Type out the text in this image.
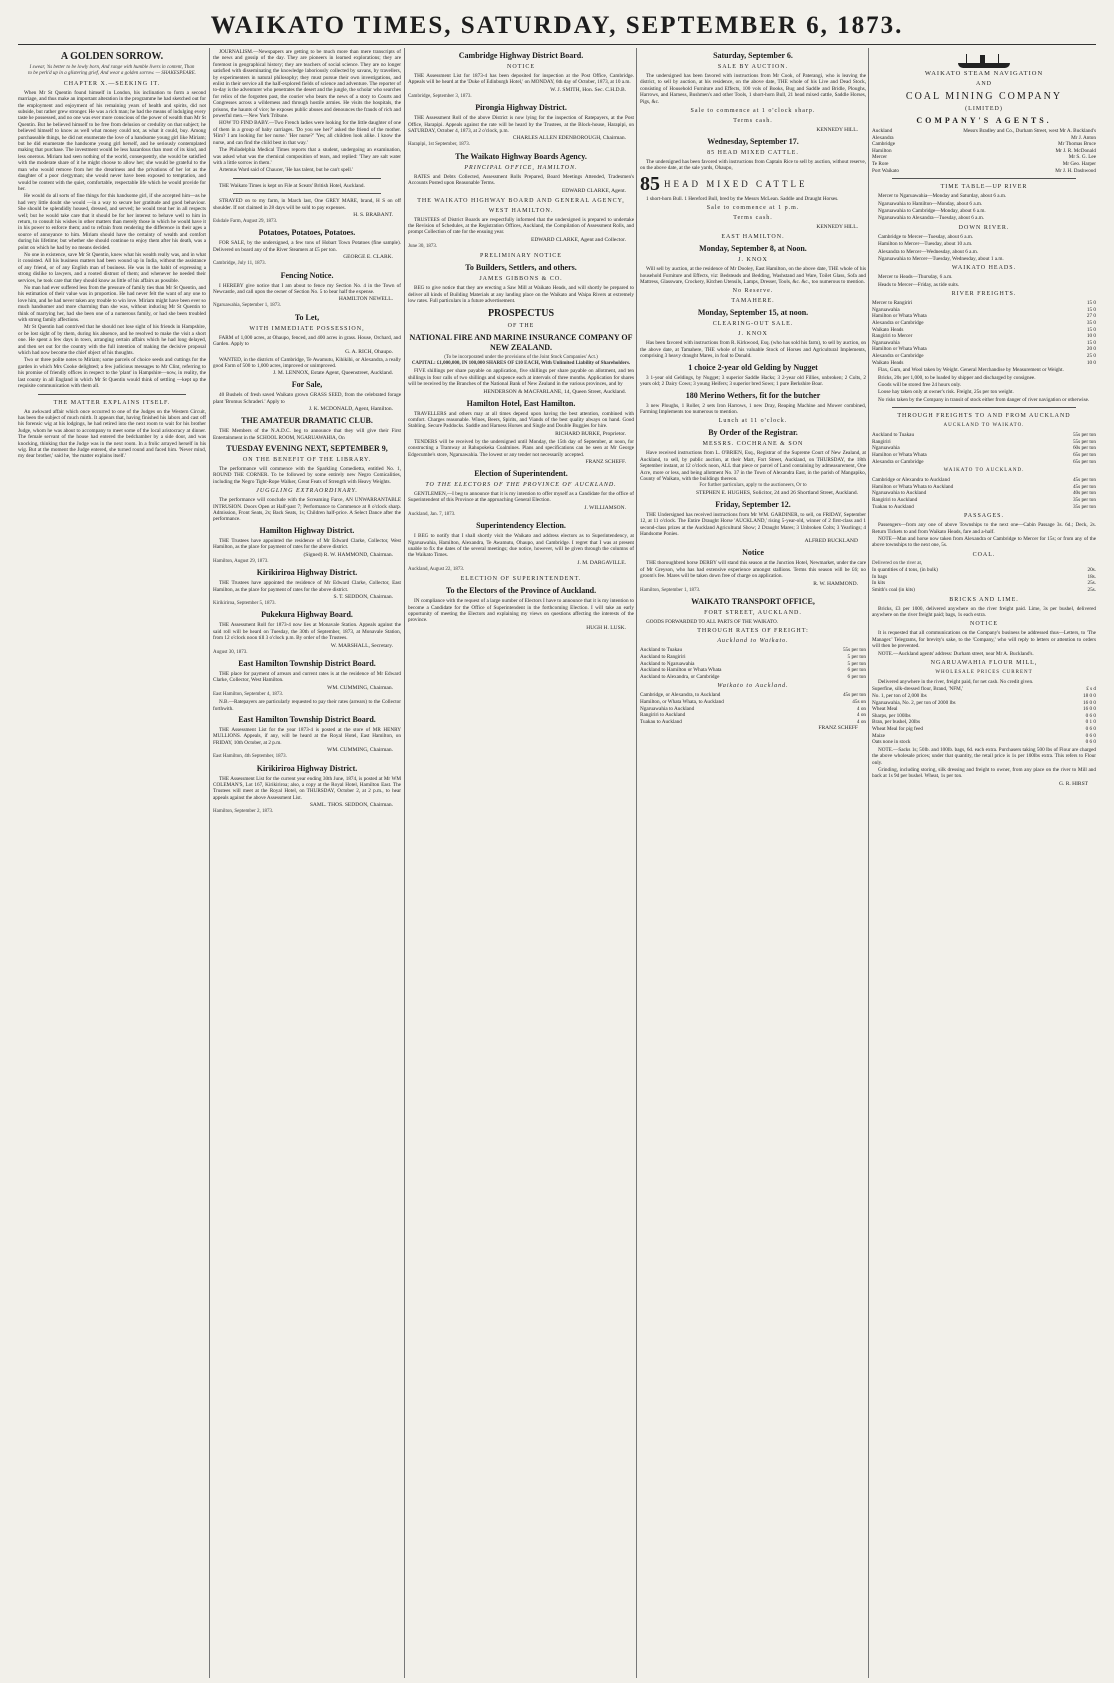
WAIKATO TIMES, SATURDAY, SEPTEMBER 6, 1873.
A GOLDEN SORROW.
I swear, 'tis better to be lowly born, And range with humble livers in content, Than to be perk'd up in a glistering grief, And wear a golden sorrow. — SHAKESPEARE.
CHAPTER X.—SEEKING IT.
When Mr St Quentin found himself in London, his inclination to form a second marriage, and thus make an important alteration in the programme he had sketched out for the employment and enjoyment of his remaining years of health and spirits, did not subside, but rather grew stronger. He was a rich man; he had the means of indulging every taste he possessed, and no one was ever more conscious of the power of wealth than Mr St Quentin. But he believed himself to be free from delusion or credulity on that subject; he believed himself to know as well what money could not, as what it could, buy. Among purchaseable things, he did not enumerate the love of a handsome young girl like Miriam; but he did enumerate the handsome young girl herself, and he seriously contemplated making that purchase. The investment would be less hazardous than most of its kind, and less onerous. Miriam had seen nothing of the world, consequently, she would be satisfied with the moderate share of it he might choose to allow her; she would be grateful to the man who would remove from her the dreariness and the privations of her lot as the daughter of a poor clergyman; she would never have been exposed to temptation, and would be content with the quiet, comfortable, respectable life which he would provide for her.
He would do all sorts of fine things for this handsome girl, if she accepted him—as he had very little doubt she would —in a way to secure her gratitude and good behaviour. She should be splendidly housed, dressed, and served; he would treat her in all respects well; but he would take care that it should be for her interest to behave well to him in return, to consult his wishes in other matters than merely those in which he would have it in his power to enforce them; and to refrain from rendering the difference in their ages a source of annoyance to him. Miriam should have the certainty of wealth and comfort during his lifetime; but whether she should continue to enjoy them after his death, was a point on which he had by no means decided.
No one in existence, save Mr St Quentin, knew what his wealth really was, and in what it consisted. All his business matters had been wound up in India, without the assistance of any friend, or of any English man of business. He was in the habit of expressing a strong dislike to lawyers, and a rooted distrust of them; and whenever he needed their services, he took care that they should know as little of his affairs as possible.
No man had ever suffered less from the pressure of family ties than Mr St Quentin, and his estimation of their value was in proportion. He had never felt the want of any one to love him, and he had never taken any trouble to win love. Miriam might have been ever so much handsomer and more charming than she was, without inducing Mr St Quentin to think of marrying her, had she been one of a numerous family, or had she been troubled with strong family affections.
Mr St Quentin had contrived that he should not lose sight of his friends in Hampshire, or be lost sight of by them, during his absence, and he resolved to make the visit a short one. He spent a few days in town, arranging certain affairs which he had long delayed, and then set out for the country with the full intention of making the decisive proposal which had now become the chief object of his thoughts.
Two or three polite notes to Miriam; some parcels of choice seeds and cuttings for the garden in which Mrs Cooke delighted; a few judicious messages to Mr Clint, referring to his promise of friendly offices in respect to the 'plant' in Hampshire—now, in reality, the last county in all England in which Mr St Quentin would think of settling —kept up the requisite communication with them all.
THE MATTER EXPLAINS ITSELF.
An awkward affair which once occurred to one of the Judges on the Western Circuit, has been the subject of much mirth. It appears that, having finished his labors and cast off his forensic wig at his lodgings, he had retired into the next room to wait for his brother Judge, whom he was about to accompany to meet some of the local aristocracy at dinner. The female servant of the house had entered the bedchamber by a side door, and was knocking, thinking that the Judge was in the next room. In a frolic arrayed herself in his wig. But at the moment the Judge entered, she turned round and faced him. 'Never mind, my dear brother,' said he, 'the matter explains itself.'
JOURNALISM.—Newspapers are getting to be much more than mere transcripts of the news and gossip of the day. They are pioneers in learned explorations; they are foremost in geographical history; they are teachers of social science. They are no longer satisfied with disseminating the knowledge laboriously collected by savans, by travellers, by experimenters in natural philosophy; they must pursue their own investigations, and enlist in their service all the half-explored fields of science and adventure. The reporter of to-day is the adventurer who penetrates the desert and the jungle, the scholar who searches for relics of the forgotten past, the courier who bears the news of a story to Courts and Congresses across a wilderness and through hostile armies. He visits the hospitals, the prisons, the haunts of vice; he exposes public abuses and denounces the frauds of rich and powerful men.—New York Tribune.
HOW TO FIND BABY.—Two French ladies were looking for the little daughter of one of them in a group of baby carriages. 'Do you see her?' asked the friend of the mother. 'Him? I am looking for her nurse.' 'Her nurse?' 'Yes; all children look alike. I know the nurse, and can find the child best in that way.'
The Philadelphia Medical Times reports that a student, undergoing an examination, was asked what was the chemical composition of tears, and replied: 'They are salt water with a little sorrow in them.'
Artemus Ward said of Chaucer, 'He has talent, but he can't spell.'
THE Waikato Times is kept on File at Sceats' British Hotel, Auckland.
STRAYED on to my farm, in March last, One GREY MARE, brand, H S on off shoulder. If not claimed in 28 days will be sold to pay expenses.
H. S. BRABANT.
Eskdale Farm, August 29, 1873.
Potatoes, Potatoes, Potatoes.
FOR SALE, by the undersigned, a few tons of Hobart Town Potatoes (fine sample). Delivered on board any of the River Steamers at £5 per ton.
GEORGE E. CLARK.
Cambridge, July 11, 1873.
Fencing Notice.
I HEREBY give notice that I am about to fence my Section No. 4 in the Town of Newcastle, and call upon the owner of Section No. 5 to bear half the expense.
HAMILTON NEWELL.
Ngaruawahia, September 1, 1873.
To Let,
WITH IMMEDIATE POSSESSION,
FARM of 1,000 acres, at Ohaupo, fenced, and 400 acres in grass. House, Orchard, and Garden. Apply to
G. A. RICH, Ohaupo.
WANTED, in the districts of Cambridge, Te Awamutu, Kihikihi, or Alexandra, a really good Farm of 500 to 1,000 acres, improved or unimproved.
J. M. LENNOX, Estate Agent, Queenstreet, Auckland.
For Sale,
40 Bushels of fresh saved Waikato grown GRASS SEED, from the celebrated forage plant 'Bromus Schraderi.' Apply to
J. K. MCDONALD, Agent, Hamilton.
THE AMATEUR DRAMATIC CLUB.
THE Members of the N.A.D.C. beg to announce that they will give their First Entertainment in the SCHOOL ROOM, NGARUAWAHIA, On
TUESDAY EVENING NEXT, SEPTEMBER 9,
ON THE BENEFIT OF THE LIBRARY.
The performance will commence with the Sparkling Comedietta, entitled No. 1, ROUND THE CORNER. To be followed by some entirely new Negro Comicalities, including the Negro Tight-Rope Walker, Great Feats of Strength with Heavy Weights.
JUGGLING EXTRAORDINARY.
The performance will conclude with the Screaming Farce, AN UNWARRANTABLE INTRUSION. Doors Open at Half-past 7; Performance to Commence at 8 o'clock sharp. Admission, Front Seats, 2s; Back Seats, 1s; Children half-price. A Select Dance after the performance.
Hamilton Highway District.
THE Trustees have appointed the residence of Mr Edward Clarke, Collector, West Hamilton, as the place for payment of rates for the above district.
(Signed) R. W. HAMMOND, Chairman.
Hamilton, August 29, 1873.
Kirikiriroa Highway District.
THE Trustees have appointed the residence of Mr Edward Clarke, Collector, East Hamilton, as the place for payment of rates for the above district.
S. T. SEDDON, Chairman.
Kirikiriroa, September 5, 1873.
Pukekura Highway Board.
THE Assessment Roll for 1873-4 now lies at Monavale Station. Appeals against the said roll will be heard on Tuesday, the 30th of September, 1873, at Monavale Station, from 12 o'clock noon till 3 o'clock p.m. By order of the Trustees.
W. MARSHALL, Secretary.
August 30, 1873.
East Hamilton Township District Board.
THE place for payment of arrears and current rates is at the residence of Mr Edward Clarke, Collector, West Hamilton.
WM. CUMMING, Chairman.
East Hamilton, September 4, 1873.
N.B.—Ratepayers are particularly requested to pay their rates (arrears) to the Collector forthwith.
East Hamilton Township District Board.
THE Assessment List for the year 1873-4 is posted at the store of MR HENRY MULLIONS. Appeals, if any, will be heard at the Royal Hotel, East Hamilton, on FRIDAY, 10th October, at 2 p.m.
WM. CUMMING, Chairman.
East Hamilton, 4th September, 1873.
Kirikiriroa Highway District.
THE Assessment List for the current year ending 30th June, 1874, is posted at Mr WM COLEMAN'S, Lot 167, Kirikiriroa; also, a copy at the Royal Hotel, Hamilton East. The Trustees will meet at the Royal Hotel, on THURSDAY, October 2, at 2 p.m., to hear appeals against the above Assessment List.
SAML. THOS. SEDDON, Chairman.
Hamilton, September 2, 1873.
Cambridge Highway District Board.
NOTICE
THE Assessment List for 1873-4 has been deposited for inspection at the Post Office, Cambridge. Appeals will be heard at the 'Duke of Edinburgh Hotel,' on MONDAY, 6th day of October, 1873, at 10 a.m.
W. J. SMITH, Hon. Sec. C.H.D.B.
Cambridge, September 3, 1873.
Pirongia Highway District.
THE Assessment Roll of the above District is now lying for the inspection of Ratepayers, at the Post Office, Harapipi. Appeals against the rate will be heard by the Trustees, at the Block-house, Harapipi, on SATURDAY, October 4, 1873, at 2 o'clock, p.m.
CHARLES ALLEN EDENBOROUGH, Chairman.
Harapipi, 1st September, 1873.
The Waikato Highway Boards Agency.
PRINCIPAL OFFICE, HAMILTON.
RATES and Debts Collected, Assessment Rolls Prepared, Board Meetings Attended, Tradesmen's Accounts Posted upon Reasonable Terms.
EDWARD CLARKE, Agent.
THE WAIKATO HIGHWAY BOARD AND GENERAL AGENCY,
WEST HAMILTON.
TRUSTEES of District Boards are respectfully informed that the undersigned is prepared to undertake the Revision of Schedules, at the Registration Offices, Auckland, the Compilation of Assessment Rolls, and prompt Collection of rate for the ensuing year.
EDWARD CLARKE, Agent and Collector.
June 30, 1873.
PRELIMINARY NOTICE
To Builders, Settlers, and others.
JAMES GIBBONS & CO.
BEG to give notice that they are erecting a Saw Mill at Waikato Heads, and will shortly be prepared to deliver all kinds of Building Materials at any landing place on the Waikato and Waipa Rivers at extremely low rates. Full particulars in a future advertisement.
PROSPECTUS
OF THE
NATIONAL FIRE AND MARINE INSURANCE COMPANY OF NEW ZEALAND.
(To be incorporated under the provisions of the Joint Stock Companies' Act.)
CAPITAL: £1,000,000, IN 100,000 SHARES OF £10 EACH, With Unlimited Liability of Shareholders.
FIVE shillings per share payable on application, five shillings per share payable on allotment, and ten shillings in four calls of two shillings and sixpence each at intervals of three months. Application for shares will be received by the Branches of the National Bank of New Zealand in the various provinces, and by
HENDERSON & MACFARLANE, 14, Queen Street, Auckland.
Hamilton Hotel, East Hamilton.
TRAVELLERS and others may at all times depend upon having the best attention, combined with comfort. Charges reasonable. Wines, Beers, Spirits, and Viands of the best quality always on hand. Good Stabling. Secure Paddocks. Saddle and Harness Horses and Single and Double Buggies for hire.
RICHARD BURKE, Proprietor.
TENDERS will be received by the undersigned until Monday, the 15th day of September, at noon, for constructing a Tramway at Rahupokeka Coalmines. Plans and specifications can be seen at Mr George Edgecumbe's store, Ngaruawahia. The lowest or any tender not necessarily accepted.
FRANZ SCHEFF.
Election of Superintendent.
TO THE ELECTORS OF THE PROVINCE OF AUCKLAND.
GENTLEMEN,—I beg to announce that it is my intention to offer myself as a Candidate for the office of Superintendent of this Province at the approaching General Election.
J. WILLIAMSON.
Auckland, Jan. 7, 1873.
Superintendency Election.
I BEG to notify that I shall shortly visit the Waikato and address electors as to Superintendency, at Ngaruawahia, Hamilton, Alexandra, Te Awamutu, Ohaupo, and Cambridge. I regret that I was at present unable to fix the dates of the several meetings; due notice, however, will be given through the columns of the Waikato Times.
J. M. DARGAVILLE.
Auckland, August 22, 1873.
ELECTION OF SUPERINTENDENT.
To the Electors of the Province of Auckland.
IN compliance with the request of a large number of Electors I have to announce that it is my intention to become a Candidate for the Office of Superintendent in the forthcoming Election. I will take an early opportunity of meeting the Electors and explaining my views on questions affecting the interests of the province.
HUGH H. LUSK.
Saturday, September 6.
SALE BY AUCTION.
The undersigned has been favored with instructions from Mr Cook, of Paterangi, who is leaving the district, to sell by auction, at his residence, on the above date, THE whole of his Live and Dead Stock, consisting of Household Furniture and Effects, 100 vols of Books, Bug and Saddle and Bridle, Ploughs, Harrows, and Harness, Bushmen's and other Tools, 1 short-horn Bull, 21 head mixed cattle, Saddle Horses, Pigs, &c.
Sale to commence at 1 o'clock sharp.
Terms cash.
KENNEDY HILL.
Wednesday, September 17.
85 HEAD MIXED CATTLE.
The undersigned has been favored with instructions from Captain Rice to sell by auction, without reserve, on the above date, at the sale yards, Ohaupo,
85 HEAD MIXED CATTLE
1 short-horn Bull. 1 Hereford Bull, bred by the Messrs McLean. Saddle and Draught Horses.
Sale to commence at 1 p.m.
Terms cash.
KENNEDY HILL.
EAST HAMILTON.
Monday, September 8, at Noon.
J. KNOX
Will sell by auction, at the residence of Mr Dooley, East Hamilton, on the above date, THE whole of his household Furniture and Effects, viz: Bedsteads and Bedding, Washstand and Ware, Toilet Glass, Sofa and Mattress, Glassware, Crockery, Kitchen Utensils, Lamps, Dresser, Tools, &c. &c., too numerous to mention.
No Reserve.
TAMAHERE.
Monday, September 15, at noon.
CLEARING-OUT SALE.
J. KNOX
Has been favored with instructions from R. Kirkwood, Esq. (who has sold his farm), to sell by auction, on the above date, at Tamahere, THE whole of his valuable Stock of Horses and Agricultural Implements, comprising 3 heavy draught Mares, in foal to Donald.
1 choice 2-year old Gelding by Nugget
3 1-year old Geldings, by Nugget; 3 superior Saddle Hacks; 3 2-year old Fillies, unbroken; 2 Colts, 2 years old; 2 Dairy Cows; 3 young Heifers; 3 superior bred Sows; 1 pure Berkshire Boar.
180 Merino Wethers, fit for the butcher
3 new Ploughs, 1 Roller, 2 sets Iron Harrows, 1 new Dray, Reaping Machine and Mower combined, Farming Implements too numerous to mention.
Lunch at 11 o'clock.
By Order of the Registrar.
MESSRS. COCHRANE & SON
Have received instructions from L. O'BRIEN, Esq., Registrar of the Supreme Court of New Zealand, at Auckland, to sell, by public auction, at their Mart, Fort Street, Auckland, on THURSDAY, the 18th September instant, at 12 o'clock noon, ALL that piece or parcel of Land containing by admeasurement, One Acre, more or less, and being allotment No. 37 in the Town of Alexandra East, in the parish of Mangapiko, County of Waikato, with the buildings thereon.
For further particulars, apply to the auctioneers, Or to
STEPHEN E. HUGHES, Solicitor, 24 and 26 Shortland Street, Auckland.
Friday, September 12.
THE Undersigned has received instructions from Mr WM. GARDINER, to sell, on FRIDAY, September 12, at 11 o'clock. The Entire Draught Horse 'AUCKLAND,' rising 5-year-old, winner of 2 first-class and 1 second-class prizes at the Auckland Agricultural Show; 2 Draught Mares; 3 Unbroken Colts; 3 Yearlings; 4 Handsome Ponies.
ALFRED BUCKLAND
Notice
THE thoroughbred horse DERBY will stand this season at the Junction Hotel, Newmarket, under the care of Mr Greyson, who has had extensive experience amongst stallions. Terms this season will be £6; no groom's fee. Mares will be taken down free of charge on application.
R. W. HAMMOND.
Hamilton, September 1, 1873.
WAIKATO TRANSPORT OFFICE,
FORT STREET, AUCKLAND.
GOODS FORWARDED TO ALL PARTS OF THE WAIKATO.
THROUGH RATES OF FREIGHT:
Auckland to Waikato.
Auckland to Tuakau	55s per ton
Auckland to Rangiriri	5 per ton
Auckland to Ngaruawahia	5 per ton
Auckland to Hamilton or Whata Whata	6 per ton
Auckland to Alexandra, or Cambridge	6 per ton
Waikato to Auckland.
Cambridge, or Alexandra, to Auckland	45s per ton
Hamilton, or Whata Whata, to Auckland	45s on
Ngaruawahia to Auckland	4 on
Rangiriri to Auckland	4 on
Tuakau to Auckland	4 on
FRANZ SCHEFF
WAIKATO STEAM NAVIGATION
AND
COAL MINING COMPANY
(LIMITED)
COMPANY'S AGENTS.
Auckland	Messrs Bradley and Co., Durham Street, west Mr A. Buckland's
Alexandra	Mr J. Anton
Cambridge	Mr Thomas Bruce
Hamilton	Mr J. R. McDonald
Mercer	Mr S. G. Lee
Te Rore	Mr Geo. Harper
Port Waikato	Mr J. H. Dashwood
TIME TABLE—UP RIVER
Mercer to Ngaruawahia—Monday and Saturday, about 6 a.m.
Ngaruawahia to Hamilton—Monday, about 6 a.m.
Ngaruawahia to Cambridge—Monday, about 6 a.m.
Ngaruawahia to Alexandra—Tuesday, about 6 a.m.
DOWN RIVER.
Cambridge to Mercer—Tuesday, about 6 a.m.
Hamilton to Mercer—Tuesday, about 10 a.m.
Alexandra to Mercer—Wednesday, about 6 a.m.
Ngaruawahia to Mercer—Tuesday, Wednesday, about 1 a.m.
WAIKATO HEADS.
Mercer to Heads—Thursday, 6 a.m.
Heads to Mercer—Friday, as tide suits.
RIVER FREIGHTS.
Mercer to Rangiriri	15 0
Ngaruawahia	15 0
Hamilton or Whata Whata	27 0
Alexandra or Cambridge	35 0
Waikato Heads	15 0
Rangiriri to Mercer	10 0
Ngaruawahia	15 0
Hamilton or Whata Whata	20 0
Alexandra or Cambridge	25 0
Waikato Heads	10 0
Flax, Gum, and Wool taken by Weight. General Merchandise by Measurement or Weight.
Bricks, 20s per 1,000, to be loaded by shipper and discharged by consignee.
Goods will be stored free 24 hours only.
Loose hay taken only at owner's risk. Freight, 25s per ton weight.
No risks taken by the Company in transit of stock either from danger of river navigation or otherwise.
THROUGH FREIGHTS TO AND FROM AUCKLAND
AUCKLAND TO WAIKATO.
Auckland to Tuakau	55s per ton
Rangiriri	55s per ton
Ngaruawahia	60s per ton
Hamilton or Whata Whata	65s per ton
Alexandra or Cambridge	65s per ton
WAIKATO TO AUCKLAND.
Cambridge or Alexandra to Auckland	45s per ton
Hamilton or Whata Whata to Auckland	45s per ton
Ngaruawahia to Auckland	40s per ton
Rangiriri to Auckland	35s per ton
Tuakau to Auckland	35s per ton
PASSAGES.
Passengers—from any one of above Townships to the next one—Cabin Passage 3s. 6d.; Deck, 2s. Return Tickets to and from Waikato Heads, fare and a-half.
NOTE—Man and horse now taken from Alexandra or Cambridge to Mercer for 15s; or from any of the above townships to the next one, 5s.
COAL.
Delivered on the river at,
In quantities of 4 tons, (in bulk)	20s.
In bags	18s.
In kits	25s.
Smith's coal (in kits)	25s.
BRICKS AND LIME.
Bricks, £3 per 1000, delivered anywhere on the river freight paid. Lime, 3s per bushel, delivered anywhere on the river freight paid; bags, 1s each extra.
NOTICE
It is requested that all communications on the Company's business be addressed thus—Letters, to 'The Manager.' Telegrams, for brevity's sake, to the 'Company,' who will reply to letters or attention to orders will then be prevented.
NOTE.—Auckland agents' address: Durham street, near Mr A. Buckland's.
NGARUAWAHIA FLOUR MILL,
WHOLESALE PRICES CURRENT
Delivered anywhere in the river, freight paid, for net cash. No credit given.
Superfine, silk-dressed flour, Brand, 'NFM,'	£ s d
No. 1, per ton of 2,000 lbs	18 0 0
Ngaruawahia, No. 2, per ton of 2000 lbs	16 0 0
Wheat Meal	16 0 0
Sharps, per 100lbs	0 6 0
Bran, per bushel, 20lbs	0 1 0
Wheat Meal for pig feed	0 6 0
Maize	0 6 0
Oats none in stock	0 6 0
NOTE.—Sacks 1s; 50lb. and 100lb. bags, 6d. each extra. Purchasers taking 500 lbs of Flour are charged the above wholesale prices; under that quantity, the retail price is 1s per 100lbs extra. This refers to Flour only.
Grinding, including storing, silk dressing and freight to owner, from any place on the river to Mill and back at 1s 9d per bushel. Wheat, 1s per ton.
G. R. HIRST
